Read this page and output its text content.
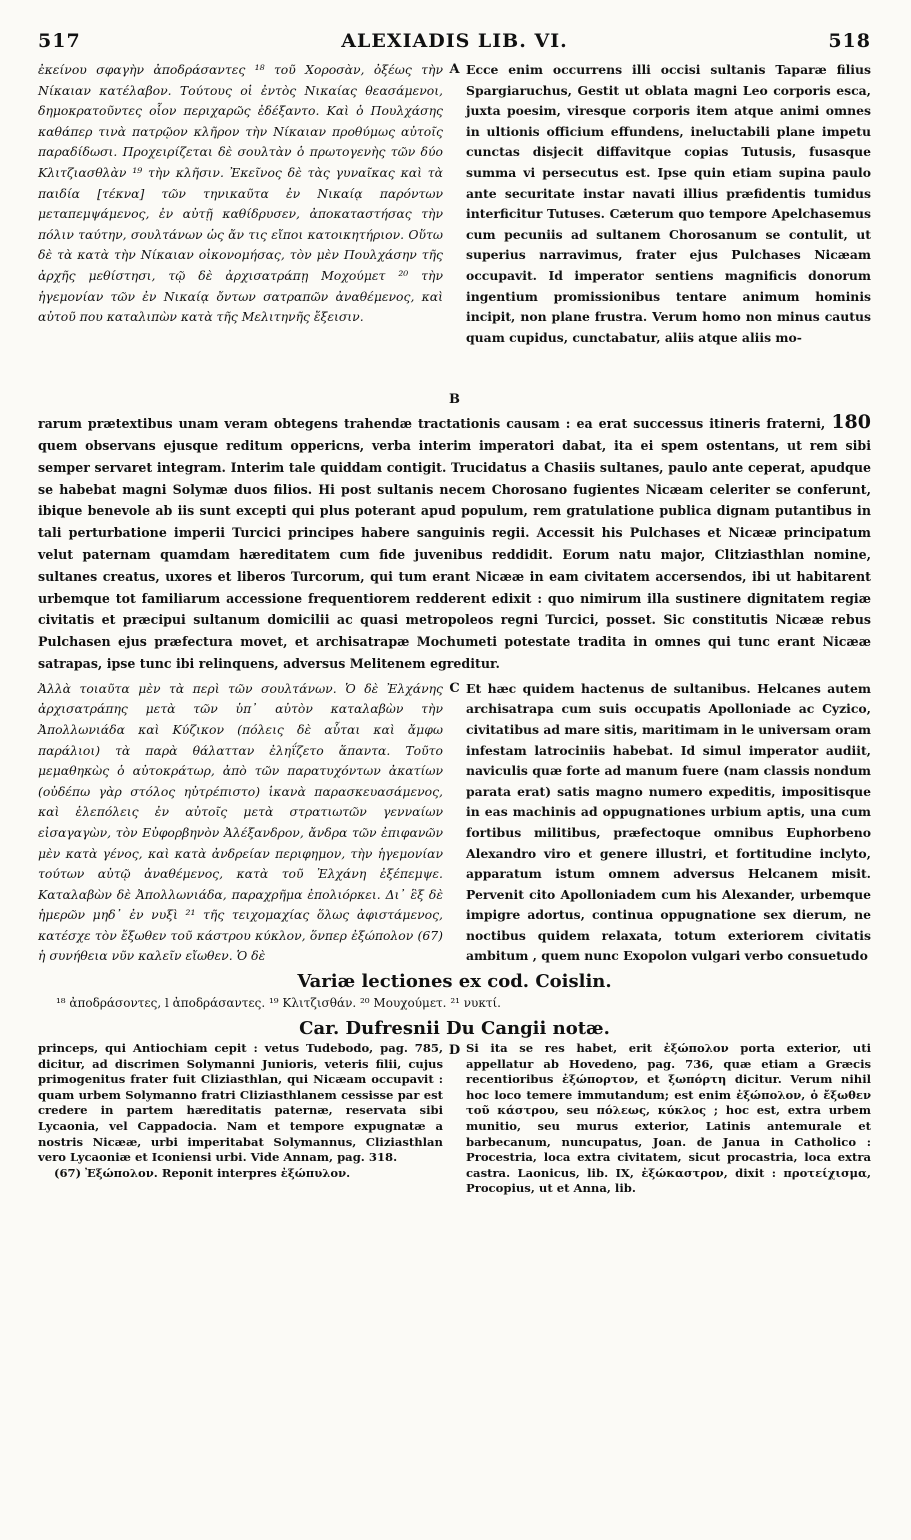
517	ALEXIADIS LIB. VI.	518

ἐκείνου σφαγὴν ἀποδράσαντες ¹⁸ τοῦ Χοροσὰν, ὀξέως τὴν Νίκαιαν κατέλαβον. Τούτους οἱ ἐντὸς Νικαίας θεασάμενοι, δημοκρατοῦντες οἷον περιχαρῶς ἐδέξαντο. Καὶ ὁ Πουλχάσης καθάπερ τινὰ πατρῷον κλῆρον τὴν Νίκαιαν προθύμως αὐτοῖς παραδίδωσι. Προχειρίζεται δὲ σουλτὰν ὁ πρωτογενὴς τῶν δύο Κλιτζιασθλὰν ¹⁹ τὴν κλῆσιν. Ἐκεῖνος δὲ τὰς γυναῖκας καὶ τὰ παιδία [τέκνα] τῶν τηνικαῦτα ἐν Νικαίᾳ παρόντων μεταπεμψάμενος, ἐν αὐτῇ καθίδρυσεν, ἀποκαταστήσας τὴν πόλιν ταύτην, σουλτάνων ὡς ἄν τις εἴποι κατοικητήριον. Οὕτω δὲ τὰ κατὰ τὴν Νίκαιαν οἰκονομήσας, τὸν μὲν Πουλχάσην τῆς ἀρχῆς μεθίστησι, τῷ δὲ ἀρχισατράπῃ Μοχούμετ ²⁰ τὴν ἡγεμονίαν τῶν ἐν Νικαίᾳ ὄντων σατραπῶν ἀναθέμενος, καὶ αὐτοῦ που καταλιπὼν κατὰ τῆς Μελιτηνῆς ἔξεισιν.

A
B

Ecce enim occurrens illi occisi sultanis Taparæ filius Spargiaruchus, Gestit ut oblata magni Leo corporis esca, juxta poesim, viresque corporis item atque animi omnes in ultionis officium effundens, ineluctabili plane impetu cunctas disjecit diffavitque copias Tutusis, fusasque summa vi persecutus est. Ipse quin etiam supina paulo ante securitate instar navati illius præfidentis tumidus interficitur Tutuses. Cæterum quo tempore Apelchasemus cum pecuniis ad sultanem Chorosanum se contulit, ut superius narravimus, frater ejus Pulchases Nicæam occupavit. Id imperator sentiens magnificis donorum ingentium promissionibus tentare animum hominis incipit, non plane frustra. Verum homo non minus cautus quam cupidus, cunctabatur, aliis atque aliis mo-

rarum prætextibus unam veram obtegens trahendæ tractationis causam : ea erat successus itineris fraterni, 180 quem observans ejusque reditum oppericns, verba interim imperatori dabat, ita ei spem ostentans, ut rem sibi semper servaret integram. Interim tale quiddam contigit. Trucidatus a Chasiis sultanes, paulo ante ceperat, apudque se habebat magni Solymæ duos filios. Hi post sultanis necem Chorosano fugientes Nicæam celeriter se conferunt, ibique benevole ab iis sunt excepti qui plus poterant apud populum, rem gratulatione publica dignam putantibus in tali perturbatione imperii Turcici principes habere sanguinis regii. Accessit his Pulchases et Nicææ principatum velut paternam quamdam hæreditatem cum fide juvenibus reddidit. Eorum natu major, Clitziasthlan nomine, sultanes creatus, uxores et liberos Turcorum, qui tum erant Nicææ in eam civitatem accersendos, ibi ut habitarent urbemque tot familiarum accessione frequentiorem redderent edixit : quo nimirum illa sustinere dignitatem regiæ civitatis et præcipui sultanum domicilii ac quasi metropoleos regni Turcici, posset. Sic constitutis Nicææ rebus Pulchasen ejus præfectura movet, et archisatrapæ Mochumeti potestate tradita in omnes qui tunc erant Nicææ satrapas, ipse tunc ibi relinquens, adversus Melitenem egreditur.

Ἀλλὰ τοιαῦτα μὲν τὰ περὶ τῶν σουλτάνων. Ὁ δὲ Ἐλχάνης ἀρχισατράπης μετὰ τῶν ὑπ᾽ αὐτὸν καταλαβὼν τὴν Ἀπολλωνιάδα καὶ Κύζικον (πόλεις δὲ αὗται καὶ ἄμφω παράλιοι) τὰ παρὰ θάλατταν ἐληΐζετο ἅπαντα. Τοῦτο μεμαθηκὼς ὁ αὐτοκράτωρ, ἀπὸ τῶν παρατυχόντων ἀκατίων (οὐδέπω γὰρ στόλος ηὐτρέπιστο) ἱκανὰ παρασκευασάμενος, καὶ ἑλεπόλεις ἐν αὐτοῖς μετὰ στρατιωτῶν γενναίων εἰσαγαγὼν, τὸν Εὐφορβηνὸν Ἀλέξανδρον, ἄνδρα τῶν ἐπιφανῶν μὲν κατὰ γένος, καὶ κατὰ ἀνδρείαν περιφημον, τὴν ἡγεμονίαν τούτων αὐτῷ ἀναθέμενος, κατὰ τοῦ Ἐλχάνη ἐξέπεμψε. Καταλαβὼν δὲ Ἀπολλωνιάδα, παραχρῆμα ἐπολιόρκει. Δι᾽ ἓξ δὲ ἡμερῶν μηδ᾽ ἐν νυξὶ ²¹ τῆς τειχομαχίας ὅλως ἀφιστάμενος, κατέσχε τὸν ἔξωθεν τοῦ κάστρου κύκλον, ὅνπερ ἐξώπολον (67) ἡ συνήθεια νῦν καλεῖν εἴωθεν. Ὁ δὲ

C Et hæc quidem hactenus de sultanibus. Helcanes autem archisatrapa cum suis occupatis Apolloniade ac Cyzico, civitatibus ad mare sitis, maritimam in le universam oram infestam latrociniis habebat. Id simul imperator audiit, naviculis quæ forte ad manum fuere (nam classis nondum parata erat) satis magno numero expeditis, impositisque in eas machinis ad oppugnationes urbium aptis, una cum fortibus militibus, præfectoque omnibus Euphorbeno Alexandro viro et genere illustri, et fortitudine inclyto, apparatum istum omnem adversus Helcanem misit. Pervenit cito Apolloniadem cum his Alexander, urbemque impigre adortus, continua oppugnatione sex dierum, ne noctibus quidem relaxata, totum exteriorem civitatis ambitum , quem nunc Exopolon vulgari verbo consuetudo

Variæ lectiones ex cod. Coislin.
¹⁸ ἀποδράσοντες, l ἀποδράσαντες. ¹⁹ Κλιτζισθάν. ²⁰ Μουχούμετ. ²¹ νυκτί.
Car. Dufresnii Du Cangii notæ.

princeps, qui Antiochiam cepit : vetus Tudebodo, pag. 785, dicitur, ad discrimen Solymanni Junioris, veteris filii, cujus primogenitus frater fuit Cliziasthlan, qui Nicæam occupavit : quam urbem Solymanno fratri Cliziasthlanem cessisse par est credere in partem hæreditatis paternæ, reservata sibi Lycaonia, vel Cappadocia. Nam et tempore expugnatæ a nostris Nicææ, urbi imperitabat Solymannus, Cliziasthlan vero Lycaoniæ et Iconiensi urbi. Vide Annam, pag. 318.

(67) Ἐξώπολον. Reponit interpres ἐξώπυλον.

D Si ita se res habet, erit ἐξώπολον porta exterior, uti appellatur ab Hovedeno, pag. 736, quæ etiam a Græcis recentioribus ἐξώπορτον, et ξωπόρτη dicitur. Verum nihil hoc loco temere immutandum; est enim ἐξώπολον, ὁ ἔξωθεν τοῦ κάστρου, seu πόλεως, κύκλος ; hoc est, extra urbem munitio, seu murus exterior, Latinis antemurale et barbecanum, nuncupatus, Joan. de Janua in Catholico : Procestria, loca extra civitatem, sicut procastria, loca extra castra. Laonicus, lib. IX, ἐξώκαστρον, dixit : προτείχισμα, Procopius, ut et Anna, lib.
